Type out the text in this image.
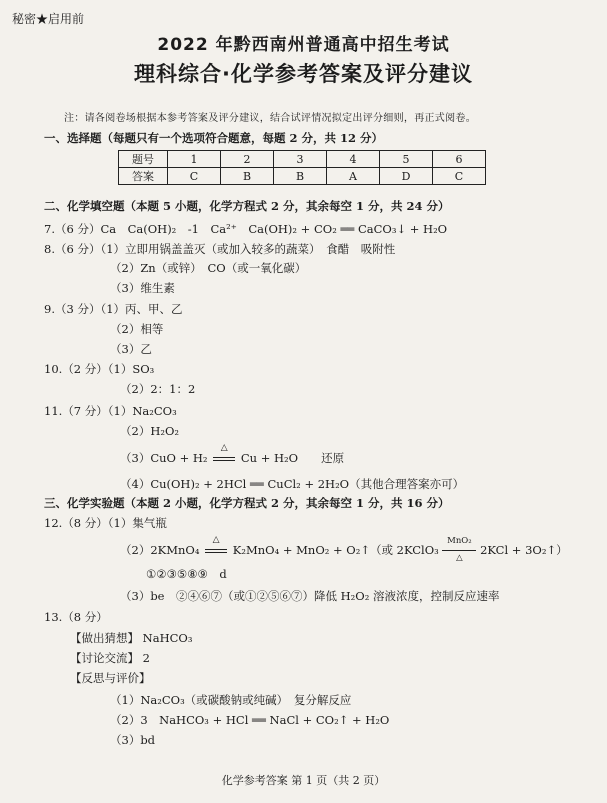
秘密★启用前
2022 年黔西南州普通高中招生考试
理科综合·化学参考答案及评分建议
注：请各阅卷场根据本参考答案及评分建议，结合试评情况拟定出评分细则，再正式阅卷。
一、选择题（每题只有一个选项符合题意，每题 2 分，共 12 分）
题号	1	2	3	4	5	6
答案	C	B	B	A	D	C
二、化学填空题（本题 5 小题，化学方程式 2 分，其余每空 1 分，共 24 分）
7.（6 分）Ca　Ca(OH)₂　-1　Ca²⁺　Ca(OH)₂ + CO₂ ══ CaCO₃↓ + H₂O
8.（6 分）（1）立即用锅盖盖灭（或加入较多的蔬菜）　食醋　吸附性
（2）Zn（或锌）　CO（或一氧化碳）
（3）维生素
9.（3 分）（1）丙、甲、乙
（2）相等
（3）乙
10.（2 分）（1）SO₃
（2）2：1：2
11.（7 分）（1）Na₂CO₃
（2）H₂O₂
（3）CuO + H₂
△
Cu + H₂O　　还原
（4）Cu(OH)₂ + 2HCl ══ CuCl₂ + 2H₂O（其他合理答案亦可）
三、化学实验题（本题 2 小题，化学方程式 2 分，其余每空 1 分，共 16 分）
12.（8 分）（1）集气瓶
（2）2KMnO₄
△
K₂MnO₄ + MnO₂ + O₂↑（或 2KClO₃
MnO₂
△
2KCl + 3O₂↑）
①②③⑤⑧⑨　d
（3）be　②④⑥⑦（或①②⑤⑥⑦）降低 H₂O₂ 溶液浓度，控制反应速率
13.（8 分）
【做出猜想】 NaHCO₃
【讨论交流】 2
【反思与评价】
（1）Na₂CO₃（或碳酸钠或纯碱）　复分解反应
（2）3　NaHCO₃ + HCl ══ NaCl + CO₂↑ + H₂O
（3）bd
化学参考答案 第 1 页（共 2 页）
